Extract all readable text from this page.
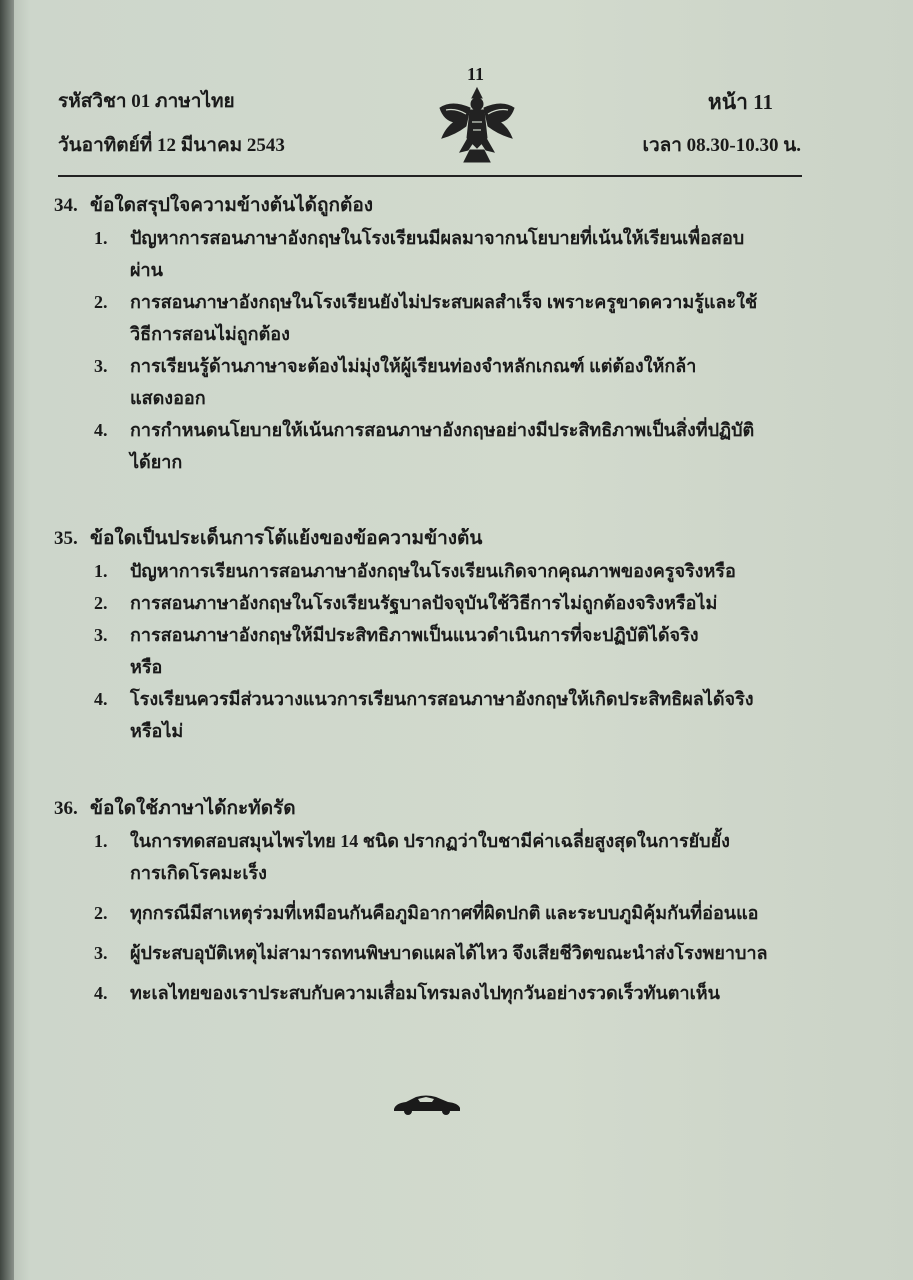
รหัสวิชา 01 ภาษาไทย
วันอาทิตย์ที่ 12 มีนาคม 2543
หน้า 11
เวลา 08.30-10.30 น.
11
34. ข้อใดสรุปใจความข้างต้นได้ถูกต้อง
1.	ปัญหาการสอนภาษาอังกฤษในโรงเรียนมีผลมาจากนโยบายที่เน้นให้เรียนเพื่อสอบผ่าน
2.	การสอนภาษาอังกฤษในโรงเรียนยังไม่ประสบผลสำเร็จ เพราะครูขาดความรู้และใช้วิธีการสอนไม่ถูกต้อง
3.	การเรียนรู้ด้านภาษาจะต้องไม่มุ่งให้ผู้เรียนท่องจำหลักเกณฑ์ แต่ต้องให้กล้าแสดงออก
4.	การกำหนดนโยบายให้เน้นการสอนภาษาอังกฤษอย่างมีประสิทธิภาพเป็นสิ่งที่ปฏิบัติได้ยาก
35. ข้อใดเป็นประเด็นการโต้แย้งของข้อความข้างต้น
1.	ปัญหาการเรียนการสอนภาษาอังกฤษในโรงเรียนเกิดจากคุณภาพของครูจริงหรือ
2.	การสอนภาษาอังกฤษในโรงเรียนรัฐบาลปัจจุบันใช้วิธีการไม่ถูกต้องจริงหรือไม่
3.	การสอนภาษาอังกฤษให้มีประสิทธิภาพเป็นแนวดำเนินการที่จะปฏิบัติได้จริงหรือ
4.	โรงเรียนควรมีส่วนวางแนวการเรียนการสอนภาษาอังกฤษให้เกิดประสิทธิผลได้จริงหรือไม่
36. ข้อใดใช้ภาษาได้กะทัดรัด
1.	ในการทดสอบสมุนไพรไทย 14 ชนิด ปรากฏว่าใบชามีค่าเฉลี่ยสูงสุดในการยับยั้งการเกิดโรคมะเร็ง
2.	ทุกกรณีมีสาเหตุร่วมที่เหมือนกันคือภูมิอากาศที่ผิดปกติ และระบบภูมิคุ้มกันที่อ่อนแอ
3.	ผู้ประสบอุบัติเหตุไม่สามารถทนพิษบาดแผลได้ไหว จึงเสียชีวิตขณะนำส่งโรงพยาบาล
4.	ทะเลไทยของเราประสบกับความเสื่อมโทรมลงไปทุกวันอย่างรวดเร็วทันตาเห็น
